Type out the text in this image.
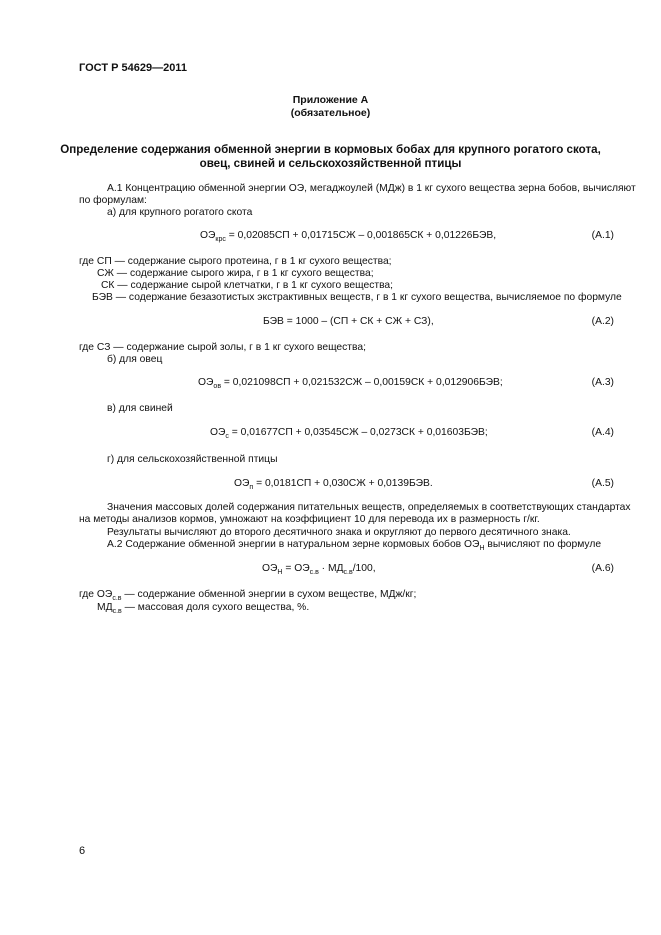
ГОСТ Р 54629—2011
Приложение А
(обязательное)
Определение содержания обменной энергии в кормовых бобах для крупного рогатого скота,
овец, свиней и сельскохозяйственной птицы
А.1 Концентрацию обменной энергии ОЭ, мегаджоулей (МДж) в 1 кг сухого вещества зерна бобов, вычисляют
по формулам:
а) для крупного рогатого скота
$ОЭ_{крс} = 0,02085СП + 0,01715СЖ - 0,001865СК + 0,01226БЭВ$,	(А.1)
где СП — содержание сырого протеина, г в 1 кг сухого вещества;
СЖ — содержание сырого жира, г в 1 кг сухого вещества;
СК — содержание сырой клетчатки, г в 1 кг сухого вещества;
БЭВ — содержание безазотистых экстрактивных веществ, г в 1 кг сухого вещества, вычисляемое по формуле
БЭВ = 1000 – (СП + СК + СЖ + СЗ),	(А.2)
где СЗ — содержание сырой золы, г в 1 кг сухого вещества;
б) для овец
$ОЭ_{ов} = 0,021098СП + 0,021532СЖ - 0,00159СК + 0,012906БЭВ$;	(А.3)
в) для свиней
$ОЭ_с = 0,01677СП + 0,03545СЖ - 0,0273СК + 0,01603БЭВ$;	(А.4)
г) для сельскохозяйственной птицы
$ОЭ_п = 0,0181СП + 0,030СЖ + 0,0139БЭВ$.	(А.5)
Значения массовых долей содержания питательных веществ, определяемых в соответствующих стандартах
на методы анализов кормов, умножают на коэффициент 10 для перевода их в размерность г/кг.
Результаты вычисляют до второго десятичного знака и округляют до первого десятичного знака.
А.2 Содержание обменной энергии в натуральном зерне кормовых бобов $ОЭ_Н$ вычисляют по формуле
$ОЭ_Н = ОЭ_{с.в} \cdot МД_{с.в}/100$,	(А.6)
где $ОЭ_{с.в}$ — содержание обменной энергии в сухом веществе, МДж/кг;
$МД_{с.в}$ — массовая доля сухого вещества, %.
6
